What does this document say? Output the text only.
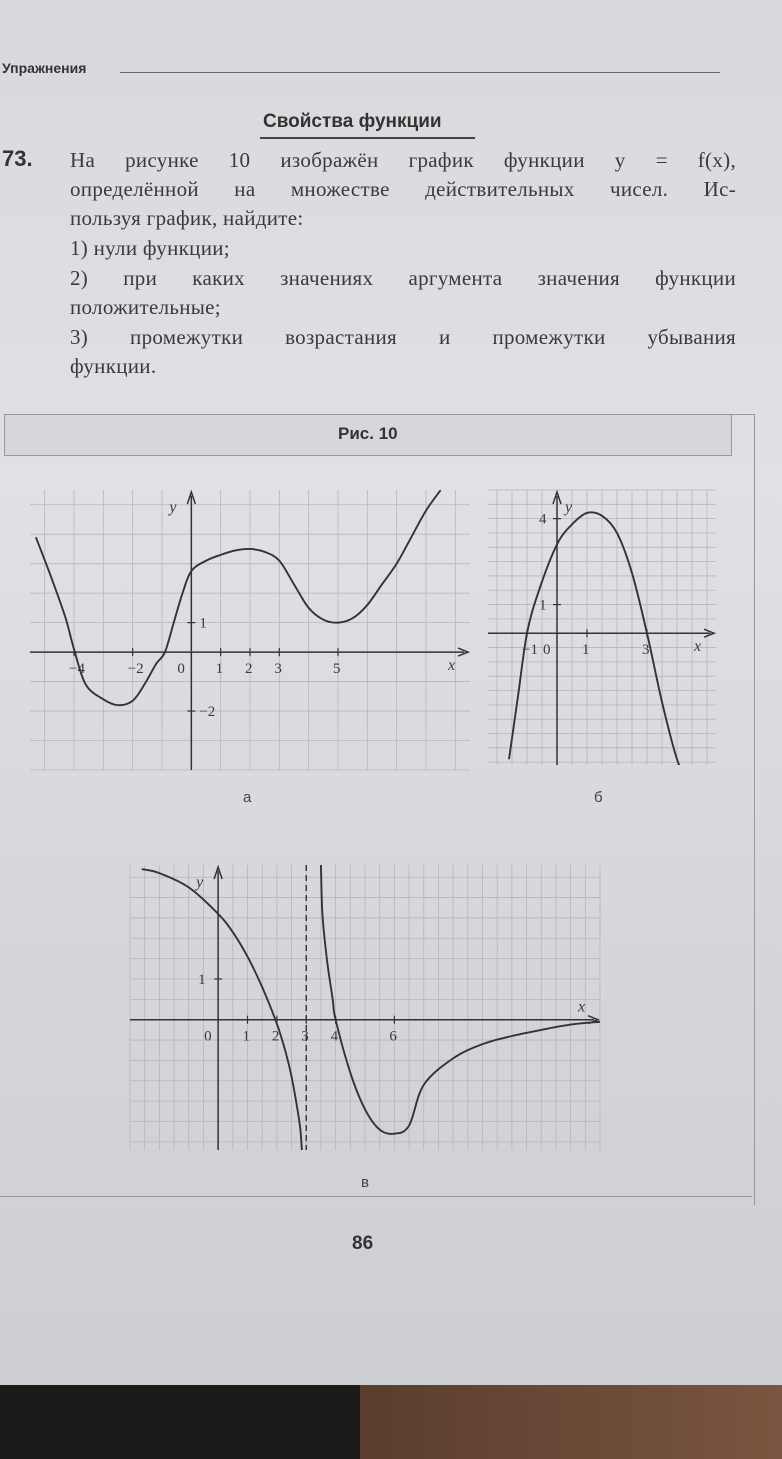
Упражнения
Свойства функции
73. На рисунке 10 изображён график функции y = f(x),

определённой на множестве действительных чисел. Ис-

пользуя график, найдите:

1) нули функции;

2) при каких значениях аргумента значения функции

положительные;

3) промежутки возрастания и промежутки убывания

функции.

Рис. 10
x
y
−4	−2 0 1 2 3	5
1
−2
x
y
−1 0 1	3
4
1
x
y
0 1 2 3 4	6
1
а	б
в
86
